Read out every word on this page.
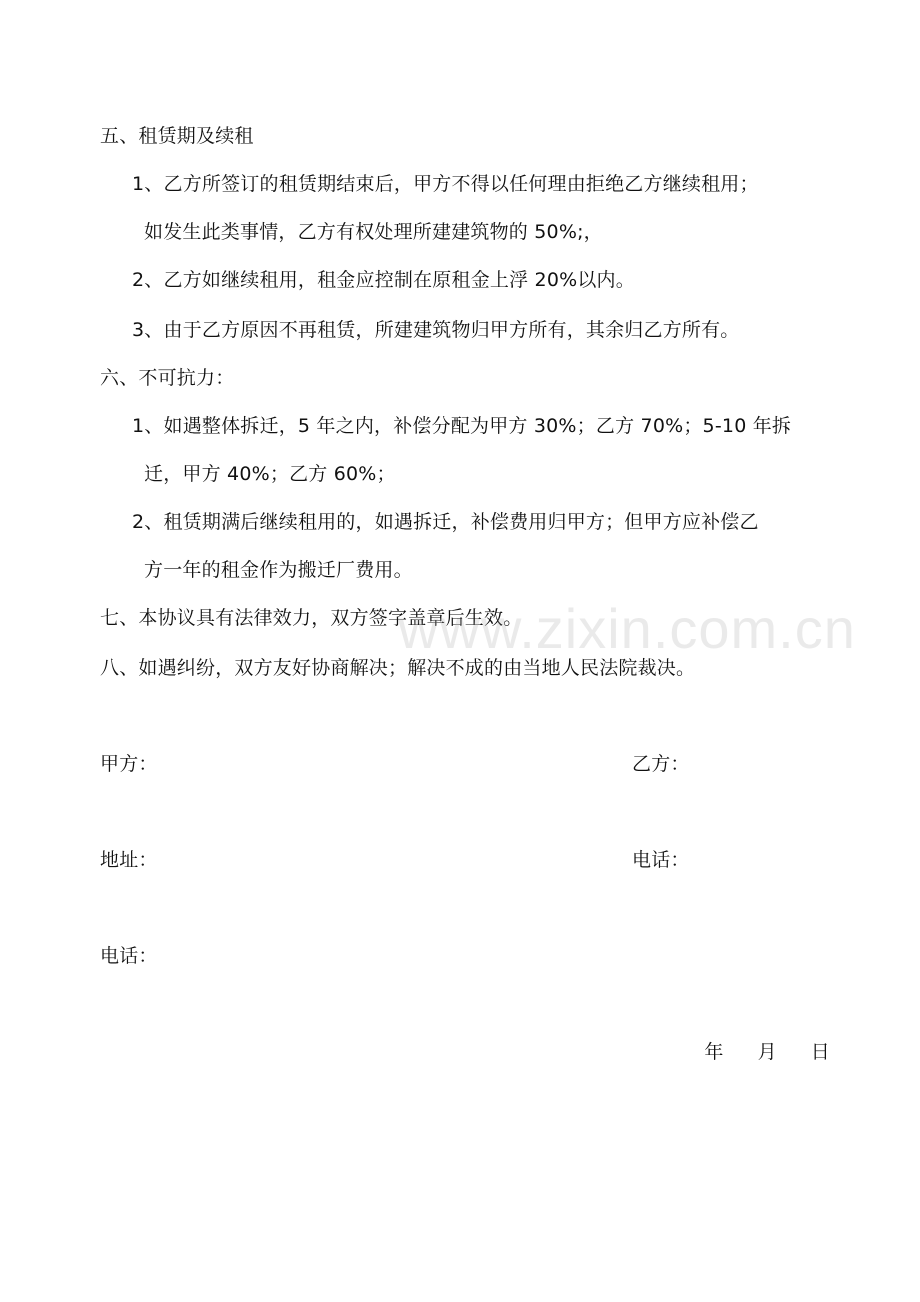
五、租赁期及续租
1、乙方所签订的租赁期结束后，甲方不得以任何理由拒绝乙方继续租用；
如发生此类事情，乙方有权处理所建建筑物的 50%;，
2、乙方如继续租用，租金应控制在原租金上浮 20%以内。
3、由于乙方原因不再租赁，所建建筑物归甲方所有，其余归乙方所有。
六、不可抗力：
1、如遇整体拆迁，5 年之内，补偿分配为甲方 30%；乙方 70%；5-10 年拆
迁，甲方 40%；乙方 60%；
2、租赁期满后继续租用的，如遇拆迁，补偿费用归甲方；但甲方应补偿乙
方一年的租金作为搬迁厂费用。
七、本协议具有法律效力，双方签字盖章后生效。
八、如遇纠纷，双方友好协商解决；解决不成的由当地人民法院裁决。
甲方：	乙方：
地址：	电话：
电话：
年 月 日
www.zixin.com.cn
